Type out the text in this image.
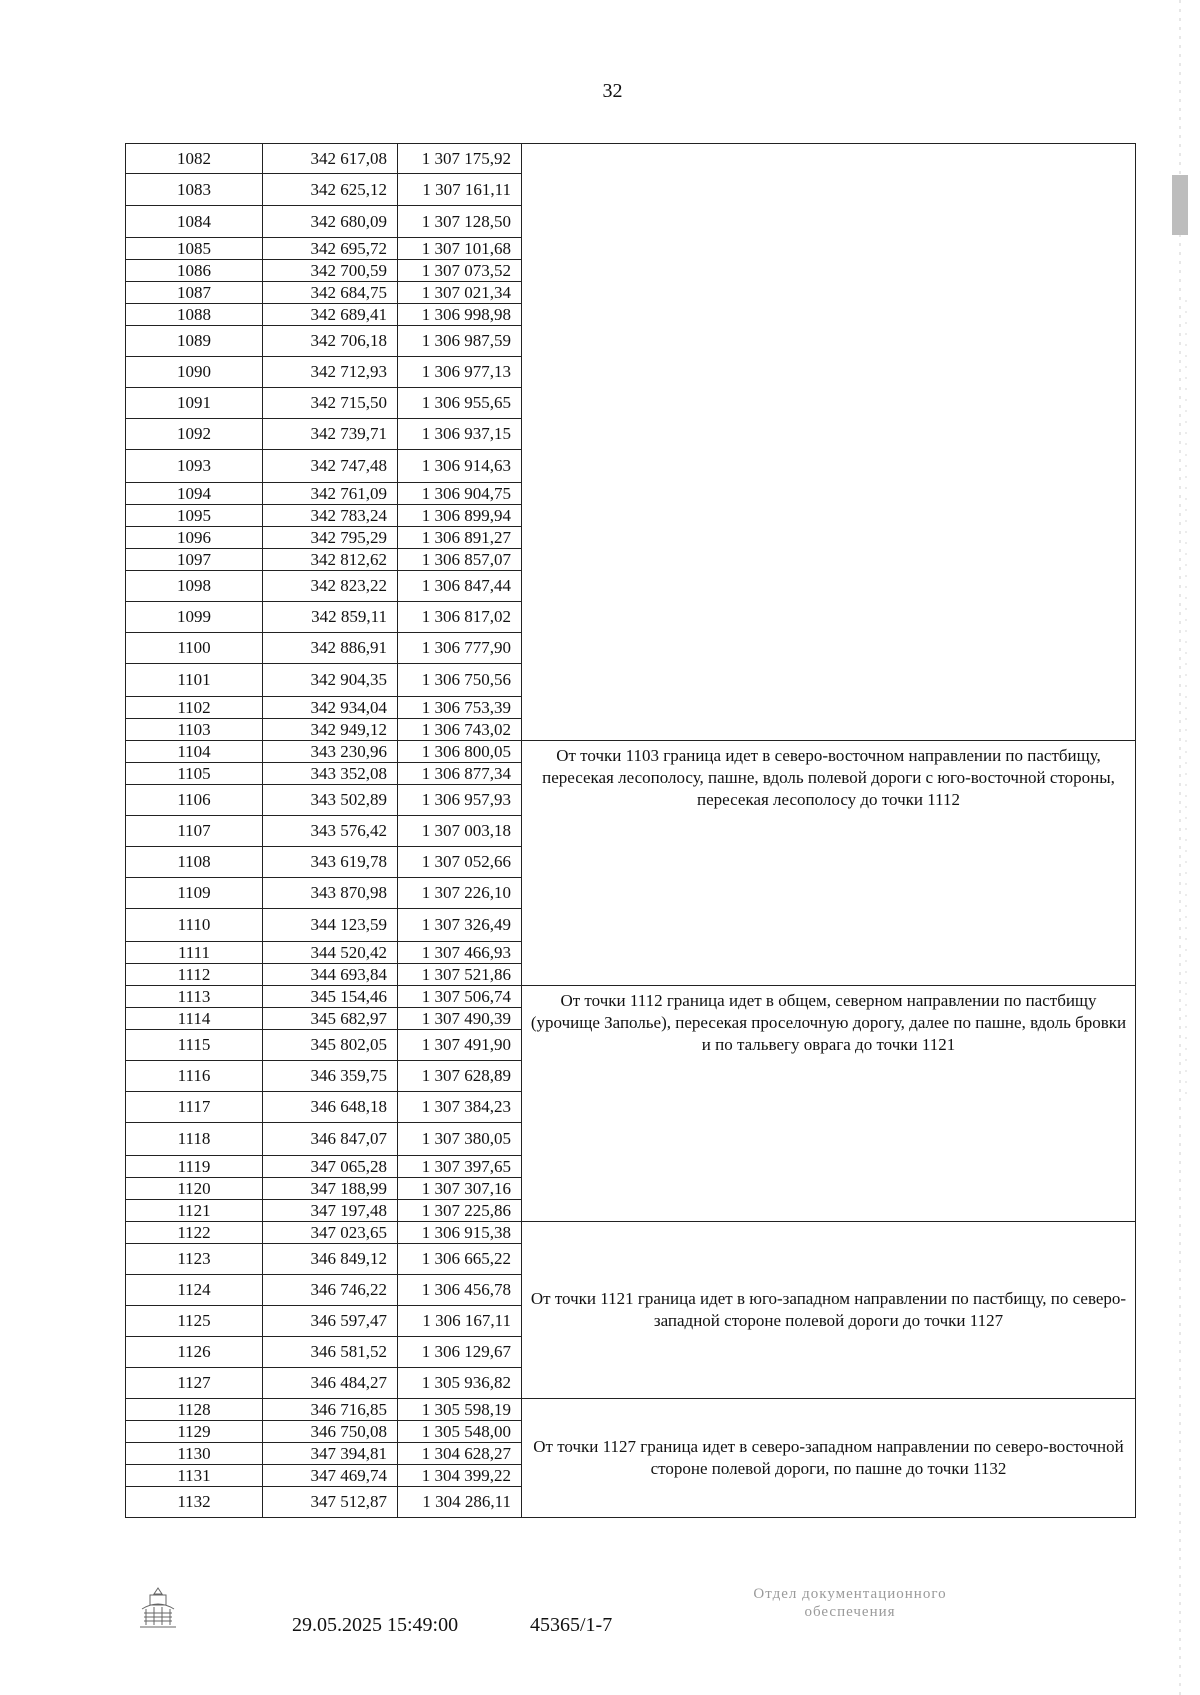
32
1082	342 617,08	1 307 175,92	
1083	342 625,12	1 307 161,11	
1084	342 680,09	1 307 128,50	
1085	342 695,72	1 307 101,68	
1086	342 700,59	1 307 073,52	
1087	342 684,75	1 307 021,34	
1088	342 689,41	1 306 998,98	
1089	342 706,18	1 306 987,59	
1090	342 712,93	1 306 977,13	
1091	342 715,50	1 306 955,65	
1092	342 739,71	1 306 937,15	
1093	342 747,48	1 306 914,63	
1094	342 761,09	1 306 904,75	
1095	342 783,24	1 306 899,94	
1096	342 795,29	1 306 891,27	
1097	342 812,62	1 306 857,07	
1098	342 823,22	1 306 847,44	
1099	342 859,11	1 306 817,02	
1100	342 886,91	1 306 777,90	
1101	342 904,35	1 306 750,56	
1102	342 934,04	1 306 753,39	
1103	342 949,12	1 306 743,02	
1104	343 230,96	1 306 800,05	От точки 1103 граница идет в северо-восточном направлении по пастбищу, пересекая лесополосу, пашне, вдоль полевой дороги с юго-восточной стороны, пересекая лесополосу до точки 1112
1105	343 352,08	1 306 877,34	
1106	343 502,89	1 306 957,93	
1107	343 576,42	1 307 003,18	
1108	343 619,78	1 307 052,66	
1109	343 870,98	1 307 226,10	
1110	344 123,59	1 307 326,49	
1111	344 520,42	1 307 466,93	
1112	344 693,84	1 307 521,86	
1113	345 154,46	1 307 506,74	От точки 1112 граница идет в общем, северном направлении по пастбищу (урочище Заполье), пересекая проселочную дорогу, далее по пашне, вдоль бровки и по тальвегу оврага до точки 1121
1114	345 682,97	1 307 490,39	
1115	345 802,05	1 307 491,90	
1116	346 359,75	1 307 628,89	
1117	346 648,18	1 307 384,23	
1118	346 847,07	1 307 380,05	
1119	347 065,28	1 307 397,65	
1120	347 188,99	1 307 307,16	
1121	347 197,48	1 307 225,86	
1122	347 023,65	1 306 915,38	От точки 1121 граница идет в юго-западном направлении по пастбищу, по северо-западной стороне полевой дороги до точки 1127
1123	346 849,12	1 306 665,22	
1124	346 746,22	1 306 456,78	
1125	346 597,47	1 306 167,11	
1126	346 581,52	1 306 129,67	
1127	346 484,27	1 305 936,82	
1128	346 716,85	1 305 598,19	От точки 1127 граница идет в северо-западном направлении по северо-восточной стороне полевой дороги, по пашне до точки 1132
1129	346 750,08	1 305 548,00	
1130	347 394,81	1 304 628,27	
1131	347 469,74	1 304 399,22	
1132	347 512,87	1 304 286,11	
29.05.2025 15:49:00	45365/1-7
Отдел документационного
обеспечения
